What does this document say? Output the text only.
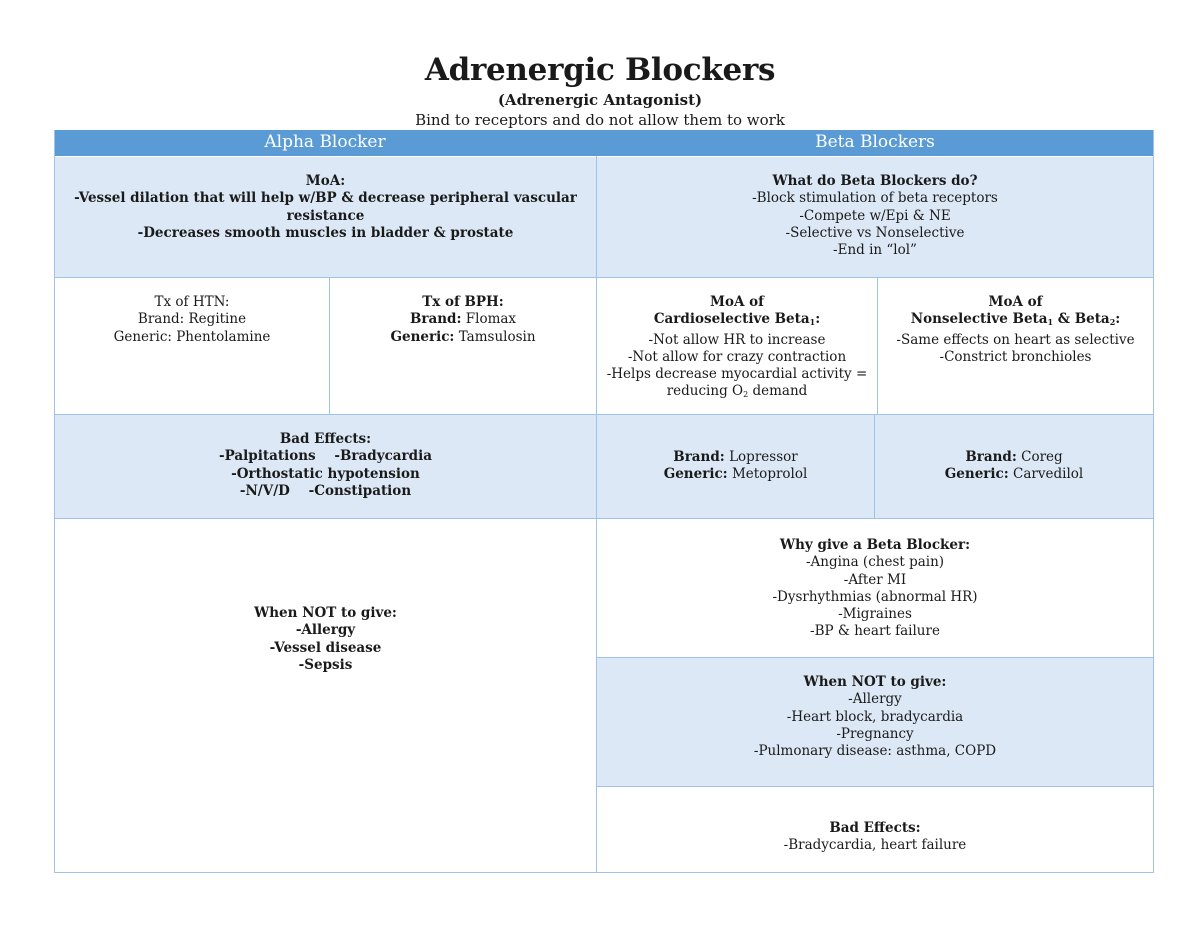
Adrenergic Blockers
(Adrenergic Antagonist)
Bind to receptors and do not allow them to work
Alpha Blocker	Beta Blockers
MoA:
-Vessel dilation that will help w/BP & decrease peripheral vascular resistance
-Decreases smooth muscles in bladder & prostate
What do Beta Blockers do?
-Block stimulation of beta receptors
-Compete w/Epi & NE
-Selective vs Nonselective
-End in “lol”
Tx of HTN:
Brand: Regitine
Generic: Phentolamine
Tx of BPH:
Brand: Flomax
Generic: Tamsulosin
MoA of
Cardioselective Beta$_1$:
-Not allow HR to increase
-Not allow for crazy contraction
-Helps decrease myocardial activity =
reducing $O_2$ demand
MoA of
Nonselective Beta$_1$ & Beta$_2$:
-Same effects on heart as selective
-Constrict bronchioles
Bad Effects:
-Palpitations    -Bradycardia
-Orthostatic hypotension
-N/V/D    -Constipation
Brand: Lopressor
Generic: Metoprolol
Brand: Coreg
Generic: Carvedilol
When NOT to give:
-Allergy
-Vessel disease
-Sepsis
Why give a Beta Blocker:
-Angina (chest pain)
-After MI
-Dysrhythmias (abnormal HR)
-Migraines
-BP & heart failure
When NOT to give:
-Allergy
-Heart block, bradycardia
-Pregnancy
-Pulmonary disease: asthma, COPD
Bad Effects:
-Bradycardia, heart failure
